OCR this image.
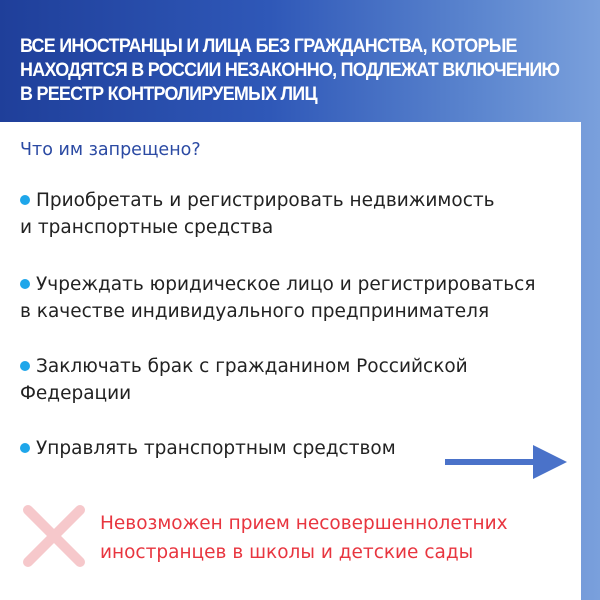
ВСЕ ИНОСТРАНЦЫ И ЛИЦА БЕЗ ГРАЖДАНСТВА, КОТОРЫЕ
НАХОДЯТСЯ В РОССИИ НЕЗАКОННО, ПОДЛЕЖАТ ВКЛЮЧЕНИЮ
В РЕЕСТР КОНТРОЛИРУЕМЫХ ЛИЦ
Что им запрещено?
Приобретать и регистрировать недвижимость
и транспортные средства
Учреждать юридическое лицо и регистрироваться
в качестве индивидуального предпринимателя
Заключать брак с гражданином Российской
Федерации
Управлять транспортным средством
Невозможен прием несовершеннолетних
иностранцев в школы и детские сады
